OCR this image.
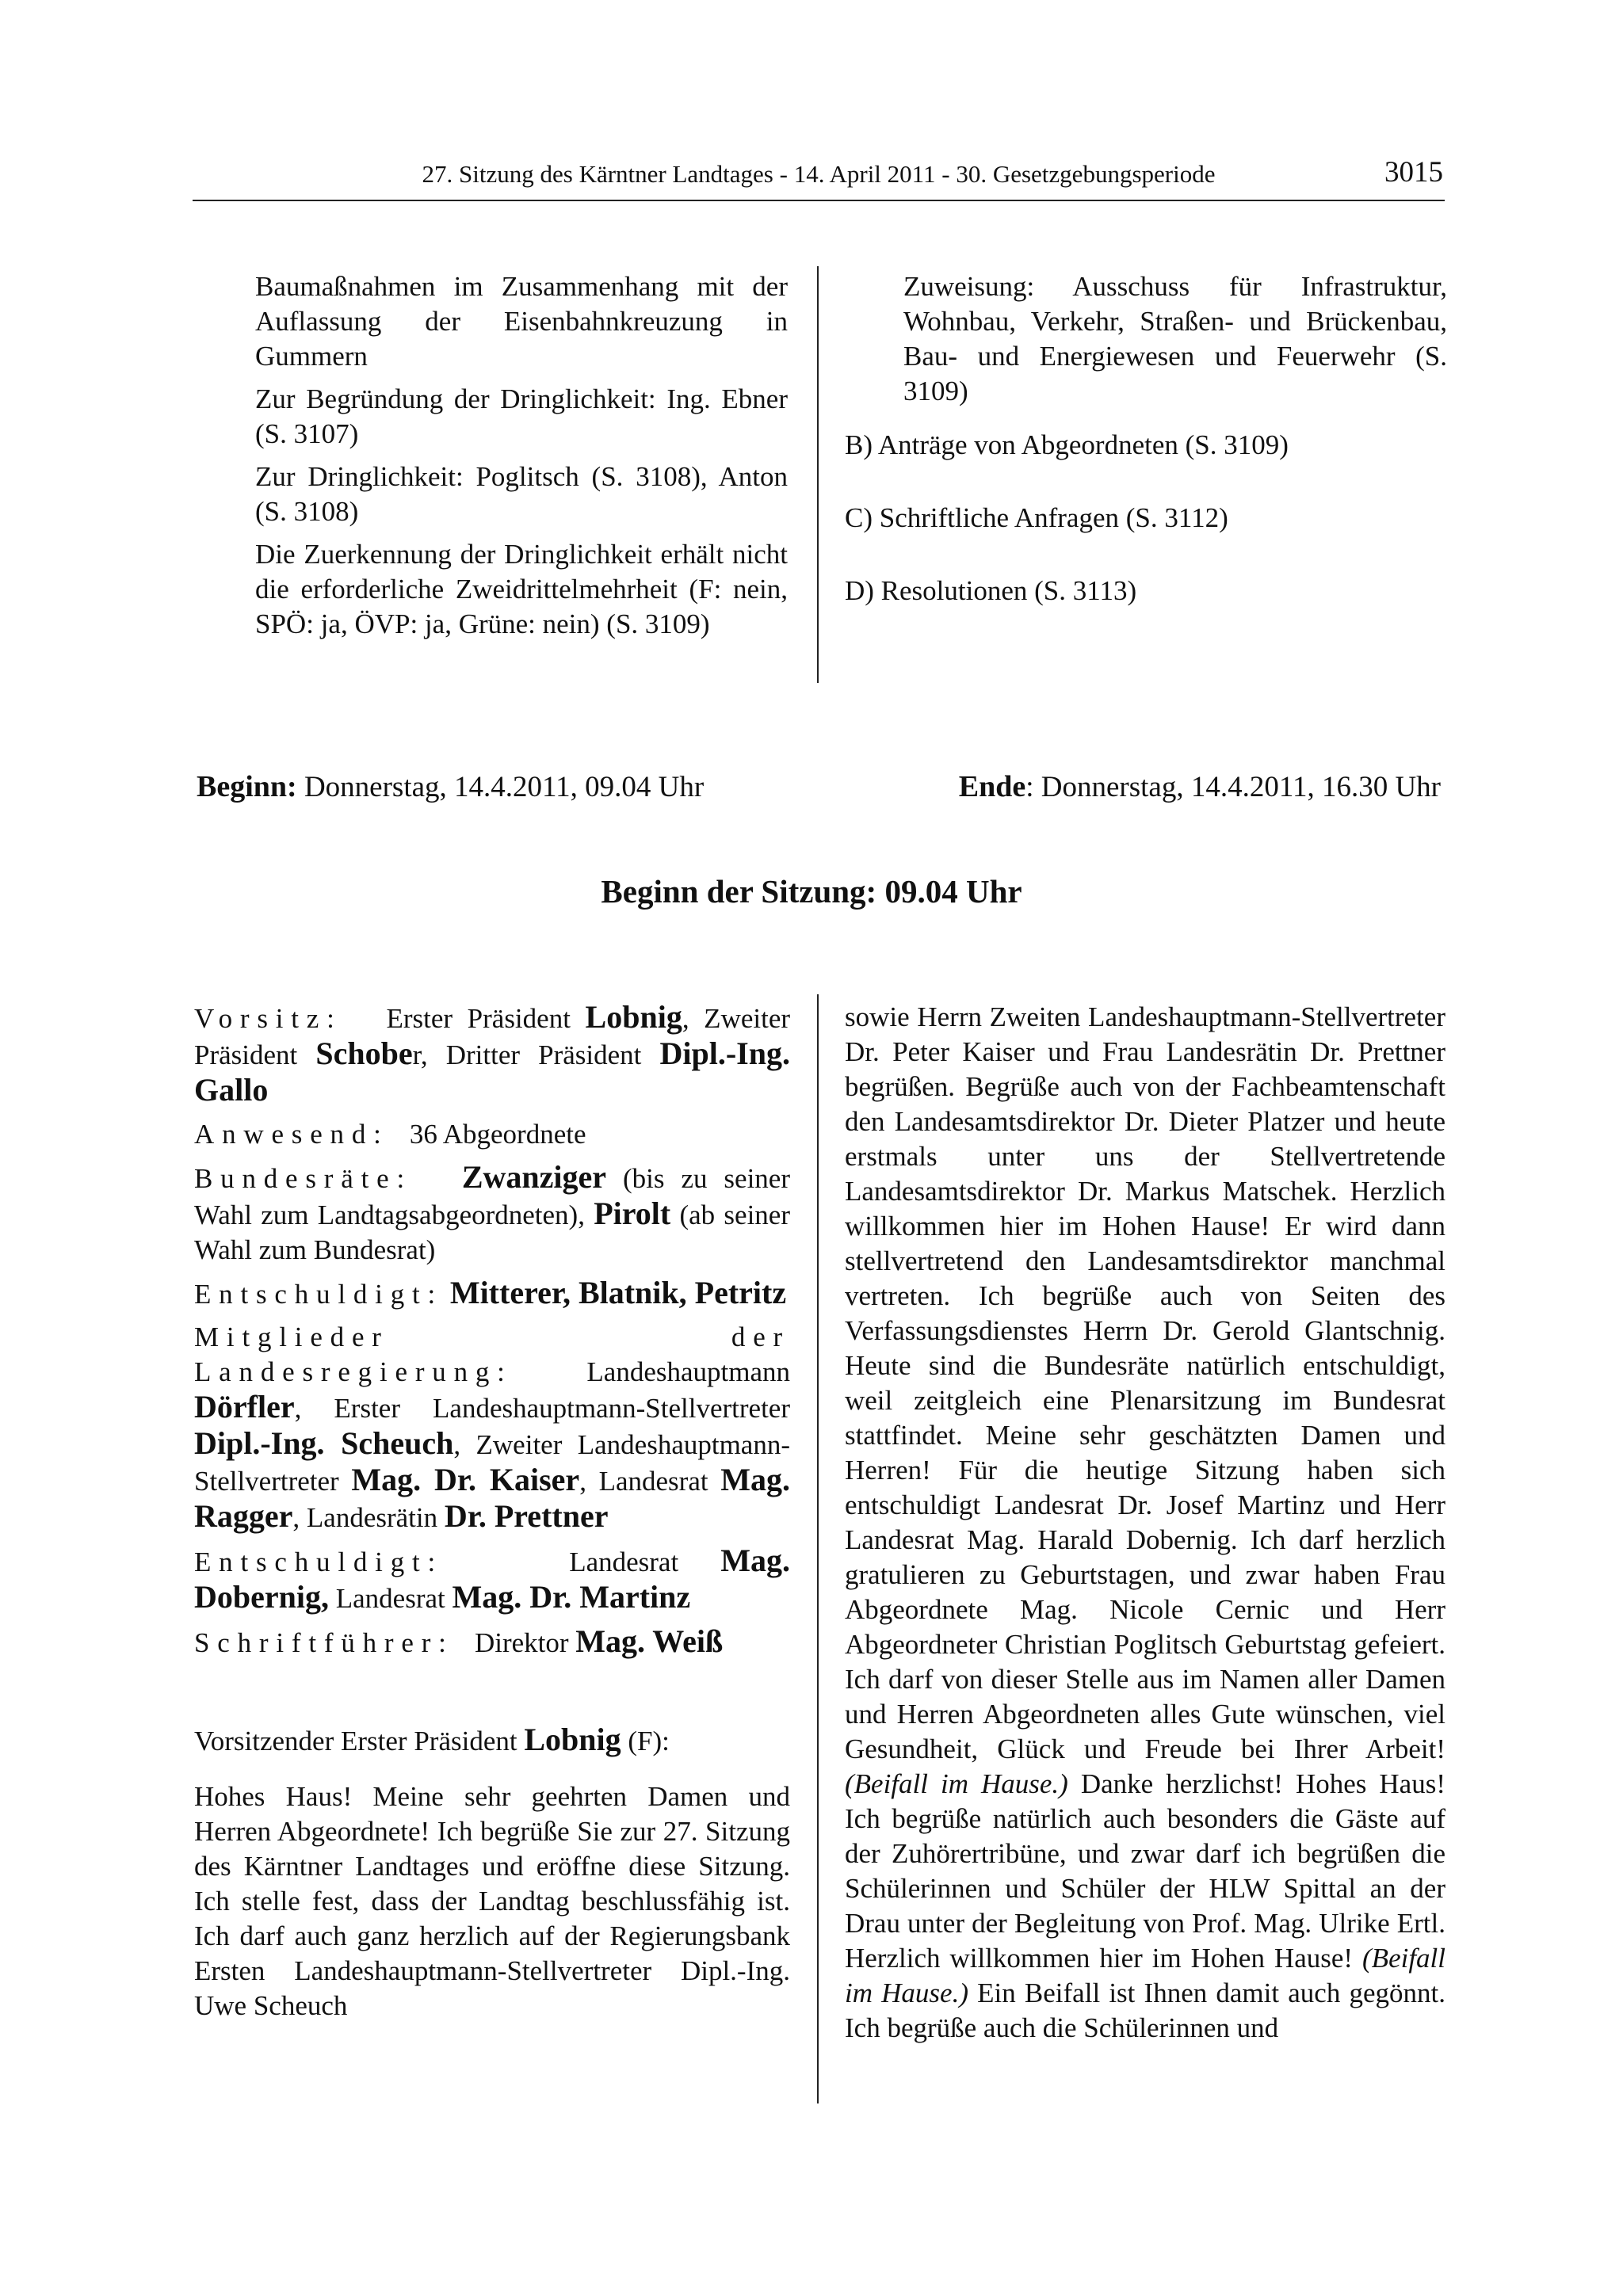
27. Sitzung des Kärntner Landtages - 14. April 2011 - 30. Gesetzgebungsperiode	3015

Baumaßnahmen im Zusammenhang mit der Auflassung der Eisenbahnkreuzung in Gummern

Zur Begründung der Dringlichkeit: Ing. Ebner (S. 3107)

Zur Dringlichkeit: Poglitsch (S. 3108), Anton (S. 3108)

Die Zuerkennung der Dringlichkeit erhält nicht die erforderliche Zweidrittelmehrheit (F: nein, SPÖ: ja, ÖVP: ja, Grüne: nein) (S. 3109)

Zuweisung: Ausschuss für Infrastruktur, Wohnbau, Verkehr, Straßen- und Brückenbau, Bau- und Energiewesen und Feuerwehr (S. 3109)

B) Anträge von Abgeordneten (S. 3109)

C) Schriftliche Anfragen (S. 3112)

D) Resolutionen (S. 3113)

Beginn: Donnerstag, 14.4.2011, 09.04 Uhr	Ende: Donnerstag, 14.4.2011, 16.30 Uhr
Beginn der Sitzung: 09.04 Uhr

Vorsitz: Erster Präsident Lobnig, Zweiter Präsident Schober, Dritter Präsident Dipl.-Ing. Gallo

Anwesend: 36 Abgeordnete

Bundesräte: Zwanziger (bis zu seiner Wahl zum Landtagsabgeordneten), Pirolt (ab seiner Wahl zum Bundesrat)

Entschuldigt: Mitterer, Blatnik, Petritz

Mitglieder der Landesregierung:	Landeshauptmann Dörfler, Erster Landeshauptmann-Stellvertreter Dipl.-Ing. Scheuch, Zweiter Landeshauptmann-Stellvertreter Mag. Dr. Kaiser, Landesrat Mag. Ragger, Landesrätin Dr. Prettner

Entschuldigt:	Landesrat Mag. Dobernig, Landesrat Mag. Dr. Martinz

Schriftführer: Direktor Mag. Weiß

Vorsitzender Erster Präsident Lobnig (F):

Hohes Haus! Meine sehr geehrten Damen und Herren Abgeordnete! Ich begrüße Sie zur 27. Sitzung des Kärntner Landtages und eröffne diese Sitzung. Ich stelle fest, dass der Landtag beschlussfähig ist. Ich darf auch ganz herzlich auf der Regierungsbank Ersten Landeshauptmann-Stellvertreter Dipl.-Ing. Uwe Scheuch

sowie Herrn Zweiten Landeshauptmann-Stellvertreter Dr. Peter Kaiser und Frau Landesrätin Dr. Prettner begrüßen. Begrüße auch von der Fachbeamtenschaft den Landesamtsdirektor Dr. Dieter Platzer und heute erstmals unter uns der Stellvertretende Landesamtsdirektor Dr. Markus Matschek. Herzlich willkommen hier im Hohen Hause! Er wird dann stellvertretend den Landesamtsdirektor manchmal vertreten. Ich begrüße auch von Seiten des Verfassungsdienstes Herrn Dr. Gerold Glantschnig. Heute sind die Bundesräte natürlich entschuldigt, weil zeitgleich eine Plenarsitzung im Bundesrat stattfindet. Meine sehr geschätzten Damen und Herren! Für die heutige Sitzung haben sich entschuldigt Landesrat Dr. Josef Martinz und Herr Landesrat Mag. Harald Dobernig. Ich darf herzlich gratulieren zu Geburtstagen, und zwar haben Frau Abgeordnete Mag. Nicole Cernic und Herr Abgeordneter Christian Poglitsch Geburtstag gefeiert. Ich darf von dieser Stelle aus im Namen aller Damen und Herren Abgeordneten alles Gute wünschen, viel Gesundheit, Glück und Freude bei Ihrer Arbeit! (Beifall im Hause.) Danke herzlichst! Hohes Haus! Ich begrüße natürlich auch besonders die Gäste auf der Zuhörertribüne, und zwar darf ich begrüßen die Schülerinnen und Schüler der HLW Spittal an der Drau unter der Begleitung von Prof. Mag. Ulrike Ertl. Herzlich willkommen hier im Hohen Hause! (Beifall im Hause.) Ein Beifall ist Ihnen damit auch gegönnt. Ich begrüße auch die Schülerinnen und
